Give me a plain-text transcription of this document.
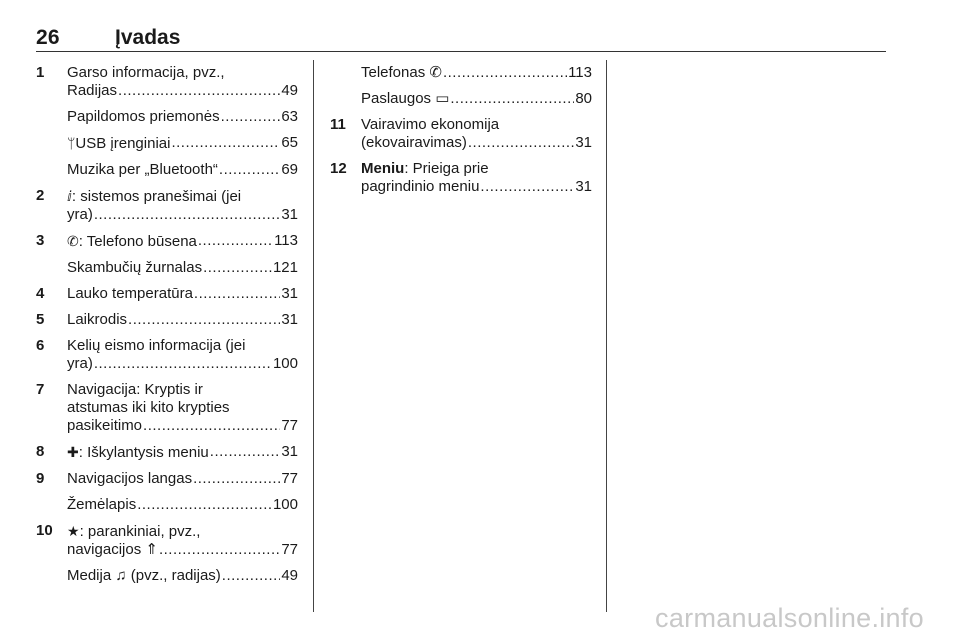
26	Įvadas
1 Garso informacija, pvz.,
Radijas .....	49
Papildomos priemonės .....	63
ᛘUSB įrenginiai .....	65
Muzika per „Bluetooth“ .....	69
2 ⅈ: sistemos pranešimai (jei
yra) .....	31
3 ✆: Telefono būsena .....	113
Skambučių žurnalas .....	121
4 Lauko temperatūra .....	31
5 Laikrodis .....	31
6 Kelių eismo informacija (jei
yra) .....	100
7 Navigacija: Kryptis ir
atstumas iki kito krypties
pasikeitimo .....	77
8 ✚: Iškylantysis meniu .....	31
9 Navigacijos langas .....	77
Žemėlapis .....	100
10 ★: parankiniai, pvz.,
navigacijos ⇑ .....	77
Medija ♫ (pvz., radijas) .....	49
Telefonas ✆ .....	113
Paslaugos ▭ .....	80
11 Vairavimo ekonomija
(ekovairavimas) .....	31
12 Meniu: Prieiga prie
pagrindinio meniu .....	31
carmanualsonline.info
